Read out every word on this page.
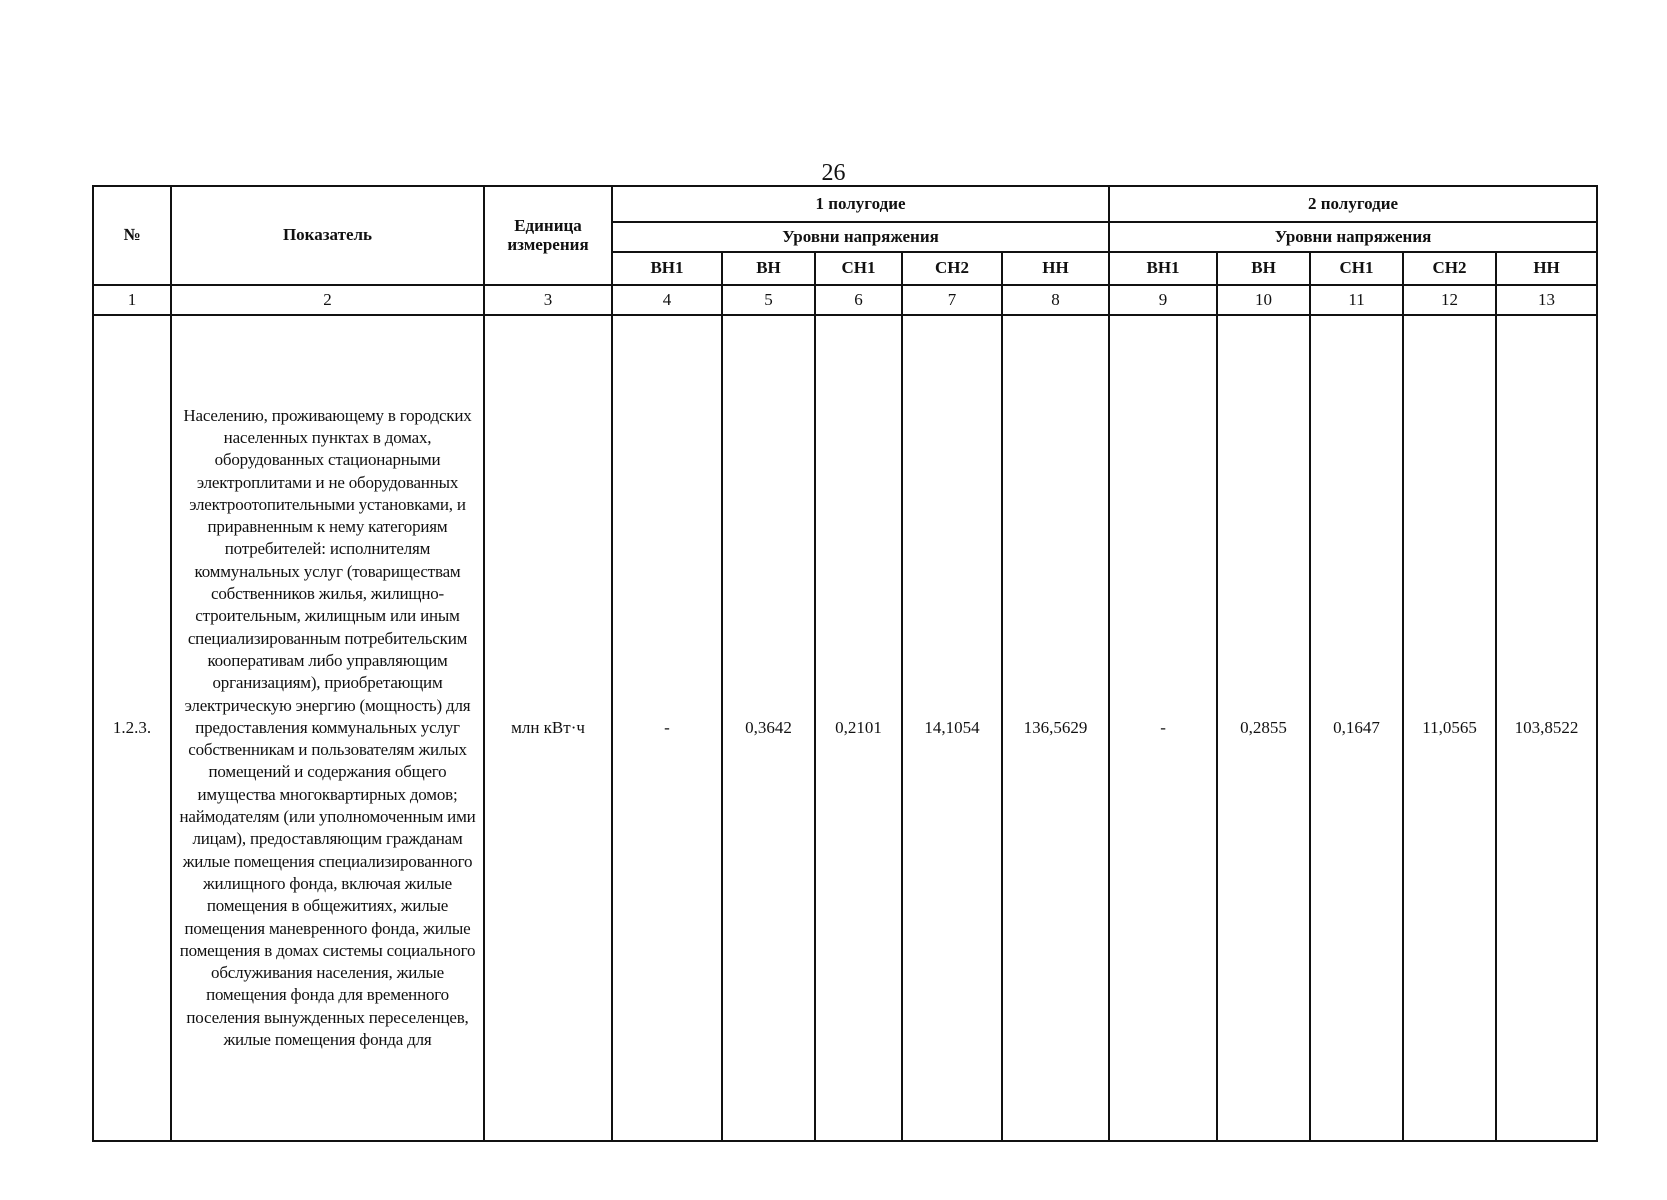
26
№	Показатель	Единица измерения	1 полугодие					2 полугодие				
			Уровни напряжения					Уровни напряжения				
			ВН1	ВН	СН1	СН2	НН	ВН1	ВН	СН1	СН2	НН
1	2	3	4	5	6	7	8	9	10	11	12	13
1.2.3.	Населению, проживающему в городских населенных пунктах в домах, оборудованных стационарными электроплитами и не оборудованных электроотопительными установками, и приравненным к нему категориям потребителей: исполнителям коммунальных услуг (товариществам собственников жилья, жилищно-строительным, жилищным или иным специализированным потребительским кооперативам либо управляющим организациям), приобретающим электрическую энергию (мощность) для предоставления коммунальных услуг собственникам и пользователям жилых помещений и содержания общего имущества многоквартирных домов; наймодателям (или уполномоченным ими лицам), предоставляющим гражданам жилые помещения специализированного жилищного фонда, включая жилые помещения в общежитиях, жилые помещения маневренного фонда, жилые помещения в домах системы социального обслуживания населения, жилые помещения фонда для временного поселения вынужденных переселенцев, жилые помещения фонда для	млн кВт·ч	-	0,3642	0,2101	14,1054	136,5629	-	0,2855	0,1647	11,0565	103,8522
